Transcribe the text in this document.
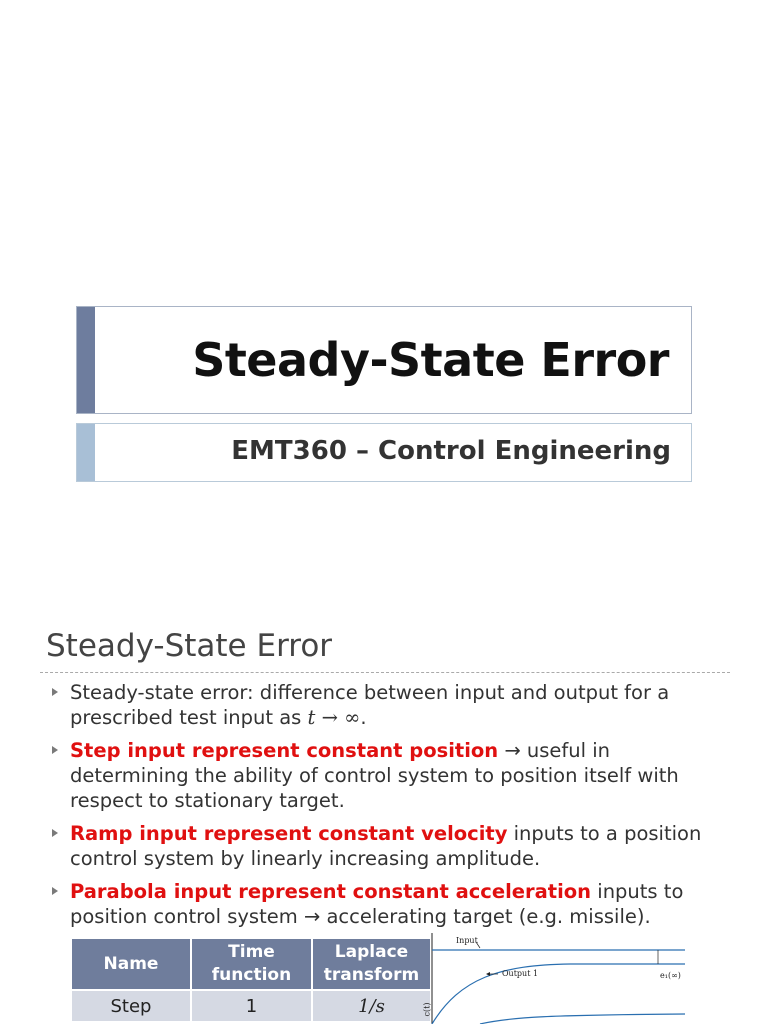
Steady-State Error
EMT360 – Control Engineering
Steady-State Error
Steady-state error: difference between input and output for a prescribed test input as t → ∞.
Step input represent constant position → useful in determining the ability of control system to position itself with respect to stationary target.
Ramp input represent constant velocity inputs to a position control system by linearly increasing amplitude.
Parabola input represent constant acceleration inputs to position control system → accelerating target (e.g. missile).
Name	Time function	Laplace transform
Step	1	1/s
Input
Output 1	e₁(∞)
c(t)
